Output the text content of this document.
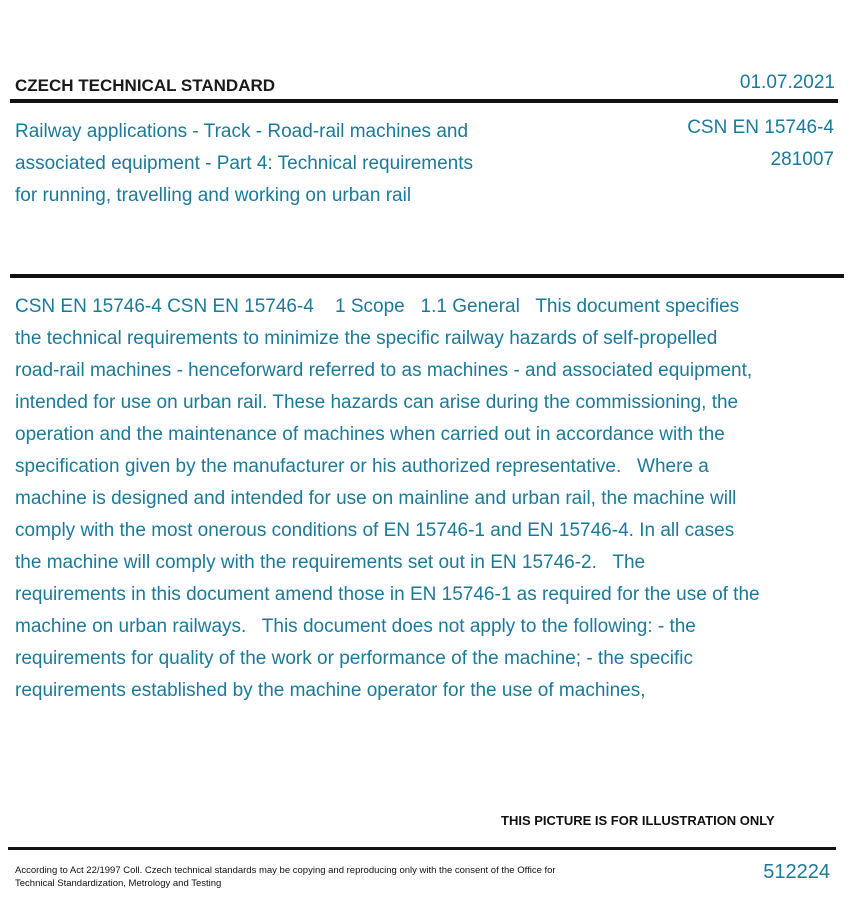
CZECH TECHNICAL STANDARD	01.07.2021
Railway applications - Track - Road-rail machines and associated equipment - Part 4: Technical requirements for running, travelling and working on urban rail
CSN EN 15746-4
281007
CSN EN 15746-4 CSN EN 15746-4    1 Scope   1.1 General   This document specifies the technical requirements to minimize the specific railway hazards of self-propelled road-rail machines - henceforward referred to as machines - and associated equipment, intended for use on urban rail. These hazards can arise during the commissioning, the operation and the maintenance of machines when carried out in accordance with the specification given by the manufacturer or his authorized representative.   Where a machine is designed and intended for use on mainline and urban rail, the machine will comply with the most onerous conditions of EN 15746-1 and EN 15746-4. In all cases the machine will comply with the requirements set out in EN 15746-2.   The requirements in this document amend those in EN 15746-1 as required for the use of the machine on urban railways.   This document does not apply to the following: - the requirements for quality of the work or performance of the machine; - the specific requirements established by the machine operator for the use of machines,
THIS PICTURE IS FOR ILLUSTRATION ONLY
According to Act 22/1997 Coll. Czech technical standards may be copying and reproducing only with the consent of the Office for Technical Standardization, Metrology and Testing
512224
